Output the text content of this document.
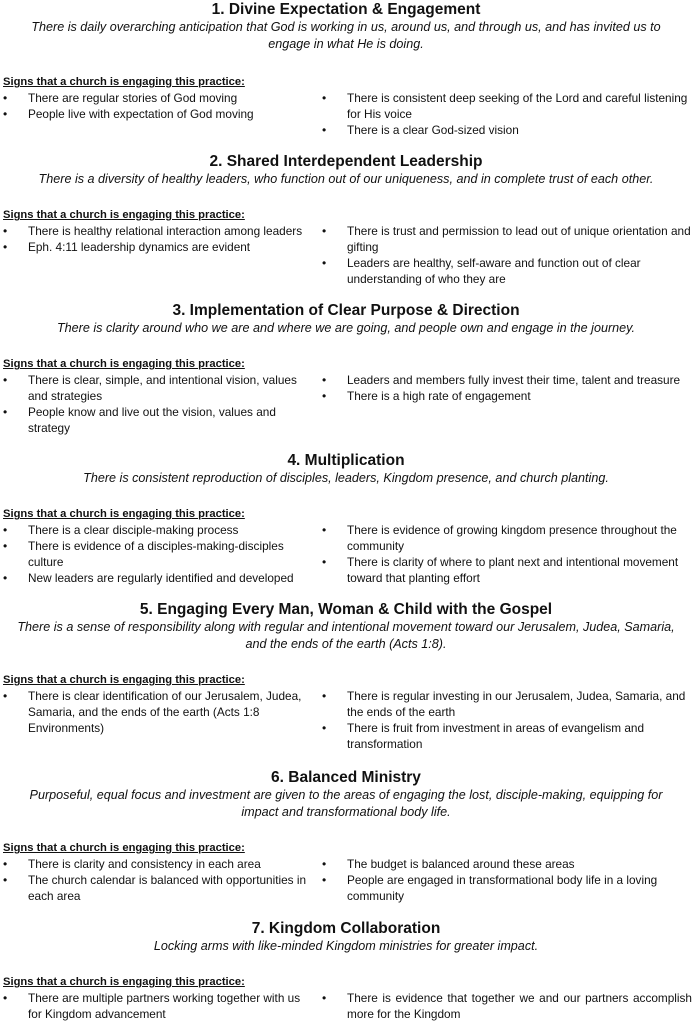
1. Divine Expectation & Engagement

There is daily overarching anticipation that God is working in us, around us, and through us, and has invited us to engage in what He is doing.

Signs that a church is engaging this practice:

• There are regular stories of God moving
• People live with expectation of God moving
• There is consistent deep seeking of the Lord and careful listening for His voice
• There is a clear God-sized vision
2. Shared Interdependent Leadership

There is a diversity of healthy leaders, who function out of our uniqueness, and in complete trust of each other.

Signs that a church is engaging this practice:

• There is healthy relational interaction among leaders
• Eph. 4:11 leadership dynamics are evident
• There is trust and permission to lead out of unique orientation and gifting
• Leaders are healthy, self-aware and function out of clear understanding of who they are
3. Implementation of Clear Purpose & Direction

There is clarity around who we are and where we are going, and people own and engage in the journey.

Signs that a church is engaging this practice:

• There is clear, simple, and intentional vision, values and strategies
• People know and live out the vision, values and strategy
• Leaders and members fully invest their time, talent and treasure
• There is a high rate of engagement
4. Multiplication

There is consistent reproduction of disciples, leaders, Kingdom presence, and church planting.

Signs that a church is engaging this practice:

• There is a clear disciple-making process
• There is evidence of a disciples-making-disciples culture
• New leaders are regularly identified and developed
• There is evidence of growing kingdom presence throughout the community
• There is clarity of where to plant next and intentional movement toward that planting effort
5. Engaging Every Man, Woman & Child with the Gospel

There is a sense of responsibility along with regular and intentional movement toward our Jerusalem, Judea, Samaria, and the ends of the earth (Acts 1:8).

Signs that a church is engaging this practice:

• There is clear identification of our Jerusalem, Judea, Samaria, and the ends of the earth (Acts 1:8 Environments)
• There is regular investing in our Jerusalem, Judea, Samaria, and the ends of the earth
• There is fruit from investment in areas of evangelism and transformation
6. Balanced Ministry

Purposeful, equal focus and investment are given to the areas of engaging the lost, disciple-making, equipping for impact and transformational body life.

Signs that a church is engaging this practice:

• There is clarity and consistency in each area
• The church calendar is balanced with opportunities in each area
• The budget is balanced around these areas
• People are engaged in transformational body life in a loving community
7. Kingdom Collaboration

Locking arms with like-minded Kingdom ministries for greater impact.

Signs that a church is engaging this practice:

• There are multiple partners working together with us for Kingdom advancement
• There is evidence that together we and our partners accomplish more for the Kingdom
